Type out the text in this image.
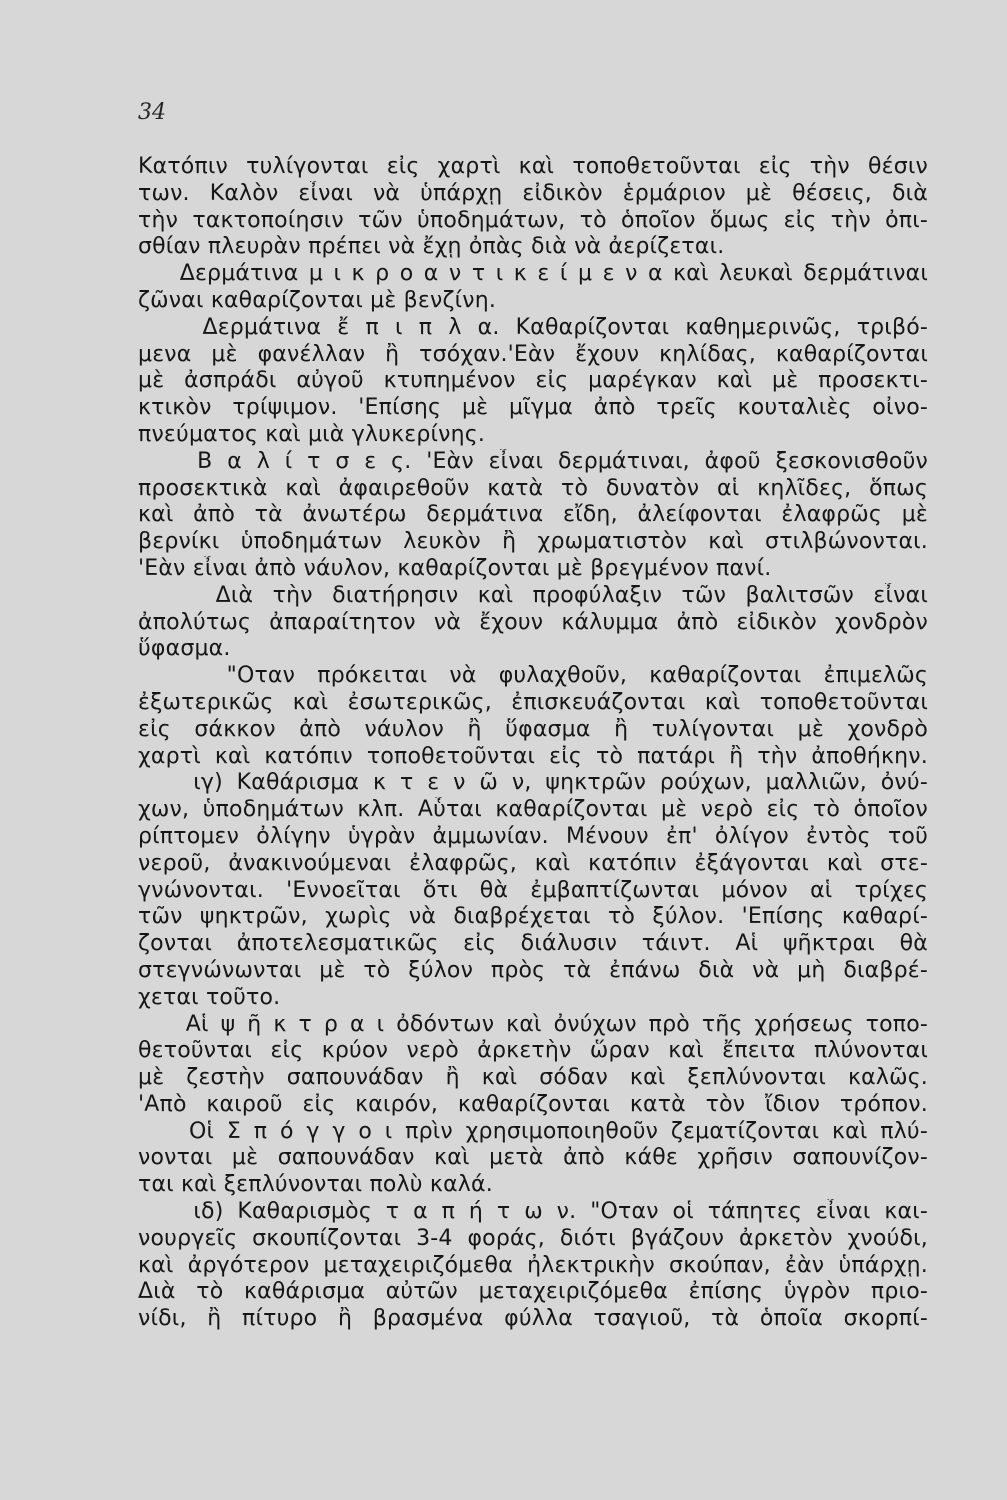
34
Κατόπιν τυλίγονται εἰς χαρτὶ καὶ τοποθετοῦνται εἰς τὴν θέσιν
των. Καλὸν εἶναι νὰ ὑπάρχῃ εἰδικὸν ἑρμάριον μὲ θέσεις, διὰ
τὴν τακτοποίησιν τῶν ὑποδημάτων, τὸ ὁποῖον ὅμως εἰς τὴν ὀπι-
σθίαν πλευρὰν πρέπει νὰ ἔχῃ ὀπὰς διὰ νὰ ἀερίζεται.
Δερμάτινα μ ι κ ρ ο α ν τ ι κ ε ί μ ε ν α καὶ λευκαὶ δερμάτιναι
ζῶναι καθαρίζονται μὲ βενζίνη.
Δερμάτινα ἔ π ι π λ α. Καθαρίζονται καθημερινῶς, τριβό-
μενα μὲ φανέλλαν ἢ τσόχαν.'Εὰν ἔχουν κηλίδας, καθαρίζονται
μὲ ἀσπράδι αὐγοῦ κτυπημένον εἰς μαρέγκαν καὶ μὲ προσεκτι-
κτικὸν τρίψιμον. 'Επίσης μὲ μῖγμα ἀπὸ τρεῖς κουταλιὲς οἰνο-
πνεύματος καὶ μιὰ γλυκερίνης.
Β α λ ί τ σ ε ς. 'Εὰν εἶναι δερμάτιναι, ἀφοῦ ξεσκονισθοῦν
προσεκτικὰ καὶ ἀφαιρεθοῦν κατὰ τὸ δυνατὸν αἱ κηλῖδες, ὅπως
καὶ ἀπὸ τὰ ἀνωτέρω δερμάτινα εἴδη, ἀλείφονται ἐλαφρῶς μὲ
βερνίκι ὑποδημάτων λευκὸν ἢ χρωματιστὸν καὶ στιλβώνονται.
'Εὰν εἶναι ἀπὸ νάυλον, καθαρίζονται μὲ βρεγμένον πανί.
Διὰ τὴν διατήρησιν καὶ προφύλαξιν τῶν βαλιτσῶν εἶναι
ἀπολύτως ἀπαραίτητον νὰ ἔχουν κάλυμμα ἀπὸ εἰδικὸν χονδρὸν
ὕφασμα.
"Οταν πρόκειται νὰ φυλαχθοῦν, καθαρίζονται ἐπιμελῶς
ἐξωτερικῶς καὶ ἐσωτερικῶς, ἐπισκευάζονται καὶ τοποθετοῦνται
εἰς σάκκον ἀπὸ νάυλον ἢ ὕφασμα ἢ τυλίγονται μὲ χονδρὸ
χαρτὶ καὶ κατόπιν τοποθετοῦνται εἰς τὸ πατάρι ἢ τὴν ἀποθήκην.
ιγ) Καθάρισμα κ τ ε ν ῶ ν, ψηκτρῶν ρούχων, μαλλιῶν, ὀνύ-
χων, ὑποδημάτων κλπ. Αὗται καθαρίζονται μὲ νερὸ εἰς τὸ ὁποῖον
ρίπτομεν ὀλίγην ὑγρὰν ἀμμωνίαν. Μένουν ἐπ' ὀλίγον ἐντὸς τοῦ
νεροῦ, ἀνακινούμεναι ἐλαφρῶς, καὶ κατόπιν ἐξάγονται καὶ στε-
γνώνονται. 'Εννοεῖται ὅτι θὰ ἐμβαπτίζωνται μόνον αἱ τρίχες
τῶν ψηκτρῶν, χωρὶς νὰ διαβρέχεται τὸ ξύλον. 'Επίσης καθαρί-
ζονται ἀποτελεσματικῶς εἰς διάλυσιν τάιντ. Αἱ ψῆκτραι θὰ
στεγνώνωνται μὲ τὸ ξύλον πρὸς τὰ ἐπάνω διὰ νὰ μὴ διαβρέ-
χεται τοῦτο.
Αἱ ψ ῆ κ τ ρ α ι ὀδόντων καὶ ὀνύχων πρὸ τῆς χρήσεως τοπο-
θετοῦνται εἰς κρύον νερὸ ἀρκετὴν ὥραν καὶ ἔπειτα πλύνονται
μὲ ζεστὴν σαπουνάδαν ἢ καὶ σόδαν καὶ ξεπλύνονται καλῶς.
'Απὸ καιροῦ εἰς καιρόν, καθαρίζονται κατὰ τὸν ἴδιον τρόπον.
Οἱ Σ π ό γ γ ο ι πρὶν χρησιμοποιηθοῦν ζεματίζονται καὶ πλύ-
νονται μὲ σαπουνάδαν καὶ μετὰ ἀπὸ κάθε χρῆσιν σαπουνίζον-
ται καὶ ξεπλύνονται πολὺ καλά.
ιδ) Καθαρισμὸς τ α π ή τ ω ν. "Οταν οἱ τάπητες εἶναι και-
νουργεῖς σκουπίζονται 3-4 φοράς, διότι βγάζουν ἀρκετὸν χνούδι,
καὶ ἀργότερον μεταχειριζόμεθα ἠλεκτρικὴν σκούπαν, ἐὰν ὑπάρχῃ.
Διὰ τὸ καθάρισμα αὐτῶν μεταχειριζόμεθα ἐπίσης ὑγρὸν πριο-
νίδι, ἢ πίτυρο ἢ βρασμένα φύλλα τσαγιοῦ, τὰ ὁποῖα σκορπί-
